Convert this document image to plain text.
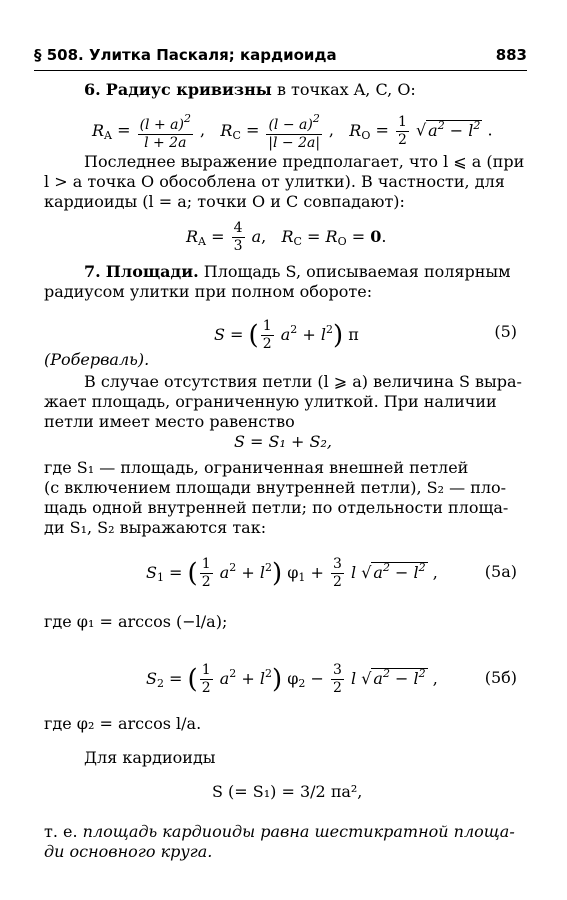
§ 508. Улитка Паскаля; кардиоида	883
6. Радиус кривизны в точках A, C, O:
$R_A = \frac{(l + a)^2}{l + 2a}$ ,   $R_C = \frac{(l - a)^2}{|l - 2a|}$ ,   $R_O = \frac{1}{2}$ √ $a^2 - l^2$ .
Последнее выражение предполагает, что l ⩽ a (при
l > a точка O обособлена от улитки). В частности, для
кардиоиды (l = a; точки O и C совпадают):
$R_A = \frac{4}{3} a$,   $R_C = R_O = 0$.
7. Площади. Площадь S, описываемая полярным
радиусом улитки при полном обороте:
S = ( $\frac{1}{2} a^2 + l^2$) π	(5)
(Роберваль).
В случае отсутствия петли (l ⩾ a) величина S выра-
жает площадь, ограниченную улиткой. При наличии
петли имеет место равенство
S = S₁ + S₂,
где S₁ — площадь, ограниченная внешней петлей
(с включением площади внутренней петли), S₂ — пло-
щадь одной внутренней петли; по отдельности площа-
ди S₁, S₂ выражаются так:
$S_1$ = ( $\frac{1}{2} a^2 + l^2$) $\varphi_1 + \frac{3}{2}$ l √ $a^2 - l^2$ ,	(5а)
где φ₁ = arccos (−l/a);
$S_2$ = ( $\frac{1}{2} a^2 + l^2$) $\varphi_2 - \frac{3}{2}$ l √ $a^2 - l^2$ ,	(5б)
где φ₂ = arccos l/a.
Для кардиоиды
S (= S₁) = 3/2 πa²,
т. е. площадь кардиоиды равна шестикратной площа-
ди основного круга.
